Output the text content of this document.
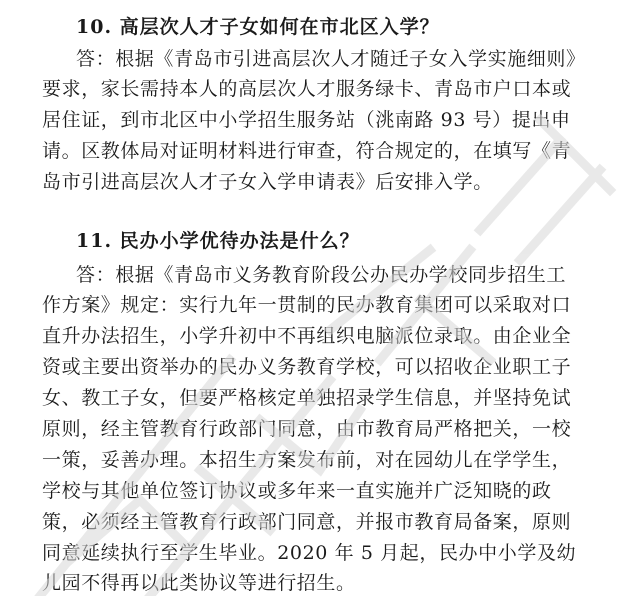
10. 高层次人才子女如何在市北区入学？
答：根据《青岛市引进高层次人才随迁子女入学实施细则》
要求，家长需持本人的高层次人才服务绿卡、青岛市户口本或
居住证，到市北区中小学招生服务站（洮南路 93 号）提出申
请。区教体局对证明材料进行审查，符合规定的，在填写《青
岛市引进高层次人才子女入学申请表》后安排入学。
11. 民办小学优待办法是什么？
答：根据《青岛市义务教育阶段公办民办学校同步招生工
作方案》规定：实行九年一贯制的民办教育集团可以采取对口
直升办法招生，小学升初中不再组织电脑派位录取。由企业全
资或主要出资举办的民办义务教育学校，可以招收企业职工子
女、教工子女，但要严格核定单独招录学生信息，并坚持免试
原则，经主管教育行政部门同意，由市教育局严格把关，一校
一策，妥善办理。本招生方案发布前，对在园幼儿在学学生，
学校与其他单位签订协议或多年来一直实施并广泛知晓的政
策，必须经主管教育行政部门同意，并报市教育局备案，原则
同意延续执行至学生毕业。2020 年 5 月起，民办中小学及幼
儿园不得再以此类协议等进行招生。
